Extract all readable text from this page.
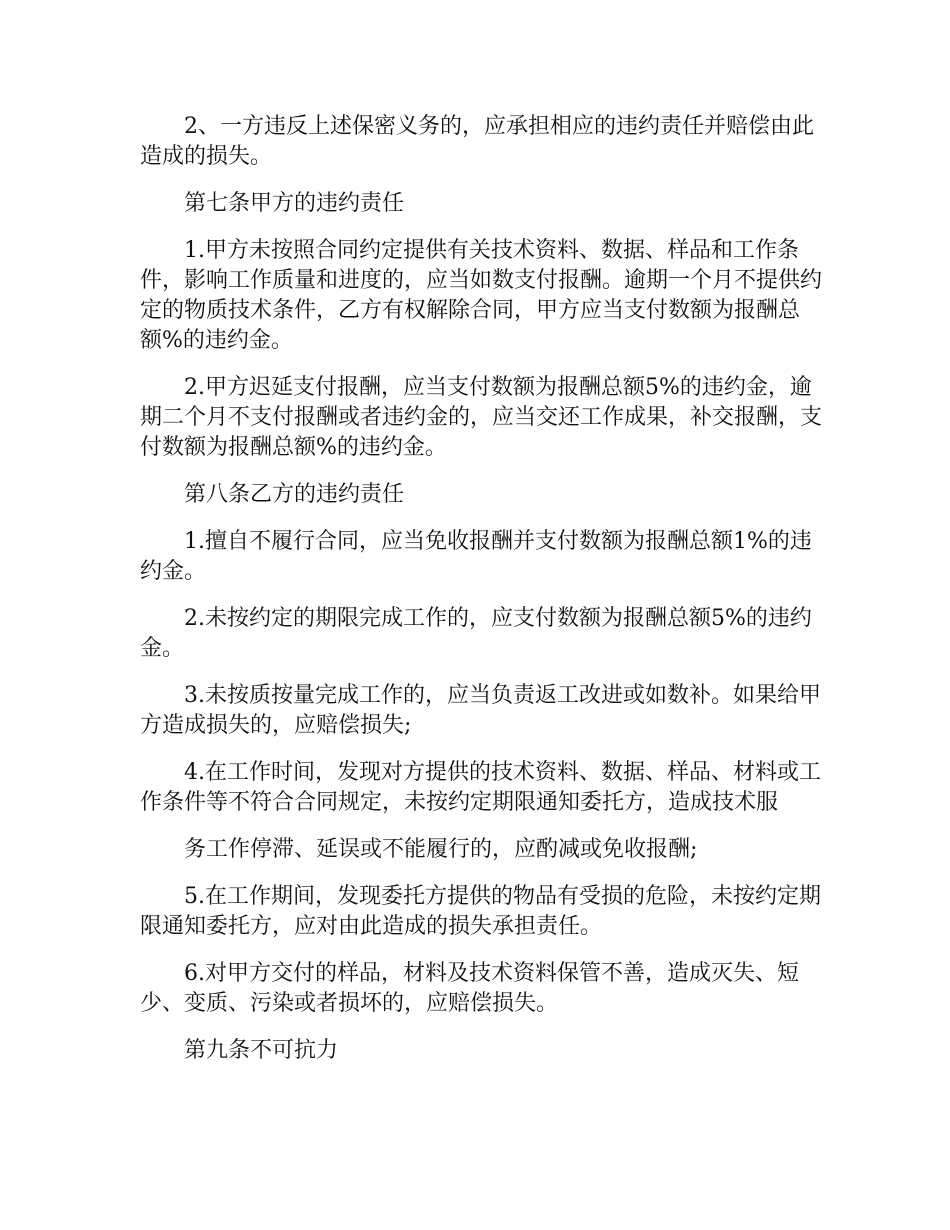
2、一方违反上述保密义务的，应承担相应的违约责任并赔偿由此造成的损失。

第七条甲方的违约责任

1.甲方未按照合同约定提供有关技术资料、数据、样品和工作条件，影响工作质量和进度的，应当如数支付报酬。逾期一个月不提供约定的物质技术条件，乙方有权解除合同，甲方应当支付数额为报酬总额%的违约金。

2.甲方迟延支付报酬，应当支付数额为报酬总额5%的违约金，逾期二个月不支付报酬或者违约金的，应当交还工作成果，补交报酬，支付数额为报酬总额%的违约金。

第八条乙方的违约责任

1.擅自不履行合同，应当免收报酬并支付数额为报酬总额1%的违约金。

2.未按约定的期限完成工作的，应支付数额为报酬总额5%的违约金。

3.未按质按量完成工作的，应当负责返工改进或如数补。如果给甲方造成损失的，应赔偿损失;

4.在工作时间，发现对方提供的技术资料、数据、样品、材料或工作条件等不符合合同规定，未按约定期限通知委托方，造成技术服

务工作停滞、延误或不能履行的，应酌减或免收报酬;

5.在工作期间，发现委托方提供的物品有受损的危险，未按约定期限通知委托方，应对由此造成的损失承担责任。

6.对甲方交付的样品，材料及技术资料保管不善，造成灭失、短少、变质、污染或者损坏的，应赔偿损失。

第九条不可抗力
